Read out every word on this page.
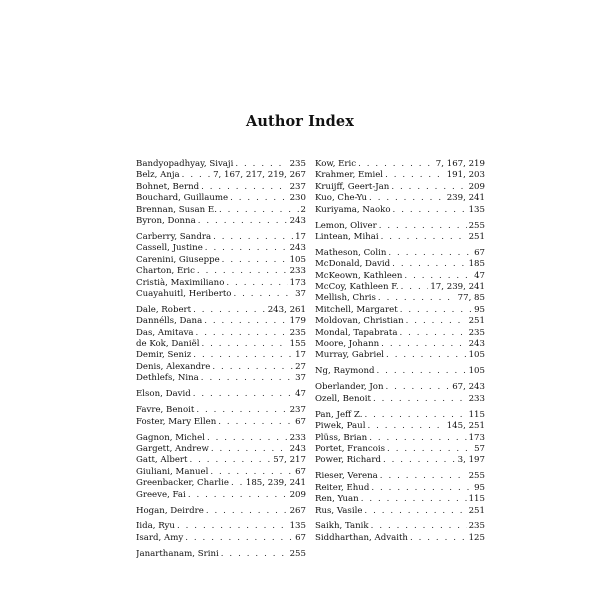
Author Index
Bandyopadhyay, Sivaji . . .	235
Belz, Anja . . .	7, 167, 217, 219, 267
Bohnet, Bernd . . .	237
Bouchard, Guillaume . . .	230
Brennan, Susan E. . . .	2
Byron, Donna . . .	243
Carberry, Sandra . . .	17
Cassell, Justine . . .	243
Carenini, Giuseppe . . .	105
Charton, Éric . . .	233
Cristià, Maximiliano . . .	173
Cuayahuitl, Heriberto . . .	37
Dale, Robert . . .	243, 261
Dannélls, Dana . . .	179
Das, Amitava . . .	235
de Kok, Daniël . . .	155
Demir, Seniz . . .	17
Denis, Alexandre . . .	27
Dethlefs, Nina . . .	37
Elson, David . . .	47
Favre, Benoit . . .	237
Foster, Mary Ellen . . .	67
Gagnon, Michel . . .	233
Gargett, Andrew . . .	243
Gatt, Albert . . .	57, 217
Giuliani, Manuel . . .	67
Greenbacker, Charlie . . . 185, 239, 241
Greeve, Fai . . .	209
Hogan, Deirdre . . .	267
Iida, Ryu . . .	135
Isard, Amy . . .	67
Janarthanam, Srini . . .	255
Kow, Eric . . .	7, 167, 219
Krahmer, Emiel . . .	191, 203
Kruijff, Geert-Jan . . .	209
Kuo, Che-Yu . . .	239, 241
Kuriyama, Naoko . . .	135
Lemon, Oliver . . .	255
Lintean, Mihai . . .	251
Matheson, Colin . . .	67
McDonald, David . . .	185
McKeown, Kathleen . . .	47
McCoy, Kathleen F. . . .	17, 239, 241
Mellish, Chris . . .	77, 85
Mitchell, Margaret . . .	95
Moldovan, Christian . . .	251
Mondal, Tapabrata . . .	235
Moore, Johann . . .	243
Murray, Gabriel . . .	105
Ng, Raymond . . .	105
Oberlander, Jon . . .	67, 243
Ozell, Benoit . . .	233
Pan, Jeff Z. . . .	115
Piwek, Paul . . .	145, 251
Plüss, Brian . . .	173
Portet, Francois . . .	57
Power, Richard . . .	3, 197
Rieser, Verena . . .	255
Reiter, Ehud . . .	95
Ren, Yuan . . .	115
Rus, Vasile . . .	251
Saikh, Tanik . . .	235
Siddharthan, Advaith . . .	125
